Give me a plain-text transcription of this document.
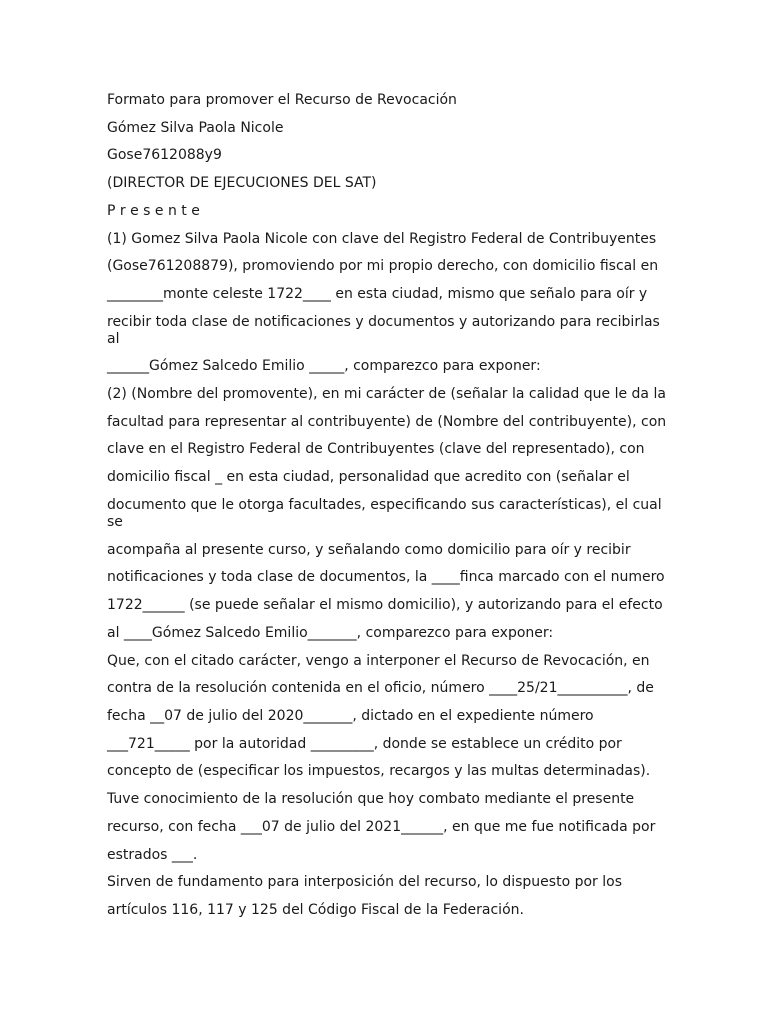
Formato para promover el Recurso de Revocación

Gómez Silva Paola Nicole

Gose7612088y9

(DIRECTOR DE EJECUCIONES DEL SAT)

P r e s e n t e

(1) Gomez Silva Paola Nicole con clave del Registro Federal de Contribuyentes

(Gose761208879), promoviendo por mi propio derecho, con domicilio fiscal en

________monte celeste 1722____ en esta ciudad, mismo que señalo para oír y

recibir toda clase de notificaciones y documentos y autorizando para recibirlas

al

______Gómez Salcedo Emilio _____, comparezco para exponer:

(2) (Nombre del promovente), en mi carácter de (señalar la calidad que le da la

facultad para representar al contribuyente) de (Nombre del contribuyente), con

clave en el Registro Federal de Contribuyentes (clave del representado), con

domicilio fiscal _ en esta ciudad, personalidad que acredito con (señalar el

documento que le otorga facultades, especificando sus características), el cual

se

acompaña al presente curso, y señalando como domicilio para oír y recibir

notificaciones y toda clase de documentos, la ____finca marcado con el numero

1722______ (se puede señalar el mismo domicilio), y autorizando para el efecto

al ____Gómez Salcedo Emilio_______, comparezco para exponer:

Que, con el citado carácter, vengo a interponer el Recurso de Revocación, en

contra de la resolución contenida en el oficio, número ____25/21__________, de

fecha __07 de julio del 2020_______, dictado en el expediente número

___721_____ por la autoridad _________, donde se establece un crédito por

concepto de (especificar los impuestos, recargos y las multas determinadas).

Tuve conocimiento de la resolución que hoy combato mediante el presente

recurso, con fecha ___07 de julio del 2021______, en que me fue notificada por

estrados ___.

Sirven de fundamento para interposición del recurso, lo dispuesto por los

artículos 116, 117 y 125 del Código Fiscal de la Federación.
